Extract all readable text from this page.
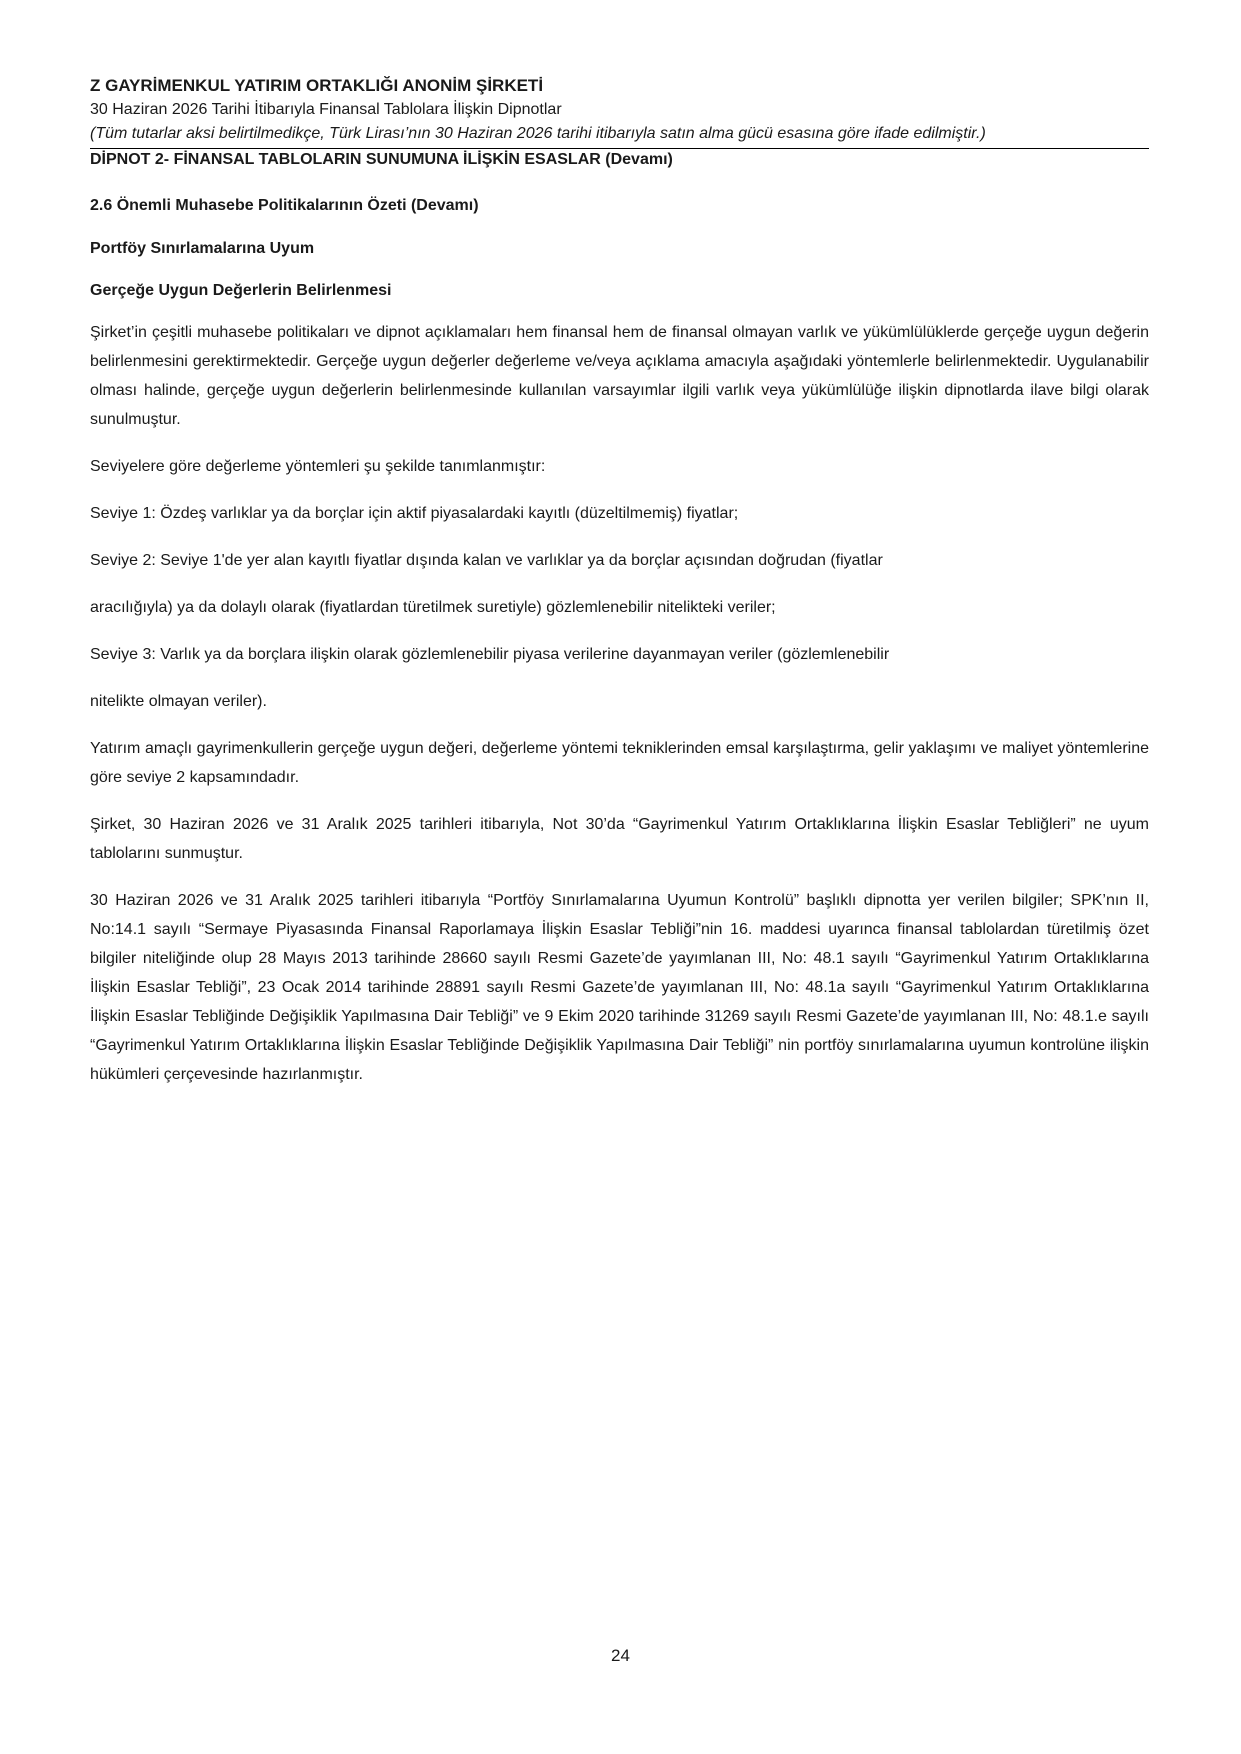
Z GAYRİMENKUL YATIRIM ORTAKLIĞI ANONİM ŞİRKETİ
30 Haziran 2026 Tarihi İtibarıyla Finansal Tablolara İlişkin Dipnotlar
(Tüm tutarlar aksi belirtilmedikçe, Türk Lirası’nın 30 Haziran 2026 tarihi itibarıyla satın alma gücü esasına göre ifade edilmiştir.)
DİPNOT 2- FİNANSAL TABLOLARIN SUNUMUNA İLİŞKİN ESASLAR (Devamı)
2.6 Önemli Muhasebe Politikalarının Özeti (Devamı)
Portföy Sınırlamalarına Uyum
Gerçeğe Uygun Değerlerin Belirlenmesi

Şirket’in çeşitli muhasebe politikaları ve dipnot açıklamaları hem finansal hem de finansal olmayan varlık ve yükümlülüklerde gerçeğe uygun değerin belirlenmesini gerektirmektedir. Gerçeğe uygun değerler değerleme ve/veya açıklama amacıyla aşağıdaki yöntemlerle belirlenmektedir. Uygulanabilir olması halinde, gerçeğe uygun değerlerin belirlenmesinde kullanılan varsayımlar ilgili varlık veya yükümlülüğe ilişkin dipnotlarda ilave bilgi olarak sunulmuştur.

Seviyelere göre değerleme yöntemleri şu şekilde tanımlanmıştır:

Seviye 1: Özdeş varlıklar ya da borçlar için aktif piyasalardaki kayıtlı (düzeltilmemiş) fiyatlar;

Seviye 2: Seviye 1'de yer alan kayıtlı fiyatlar dışında kalan ve varlıklar ya da borçlar açısından doğrudan (fiyatlar

aracılığıyla) ya da dolaylı olarak (fiyatlardan türetilmek suretiyle) gözlemlenebilir nitelikteki veriler;

Seviye 3: Varlık ya da borçlara ilişkin olarak gözlemlenebilir piyasa verilerine dayanmayan veriler (gözlemlenebilir

nitelikte olmayan veriler).

Yatırım amaçlı gayrimenkullerin gerçeğe uygun değeri, değerleme yöntemi tekniklerinden emsal karşılaştırma, gelir yaklaşımı ve maliyet yöntemlerine göre seviye 2 kapsamındadır.

Şirket, 30 Haziran 2026 ve 31 Aralık 2025 tarihleri itibarıyla, Not 30’da “Gayrimenkul Yatırım Ortaklıklarına İlişkin Esaslar Tebliğleri” ne uyum tablolarını sunmuştur.

30 Haziran 2026 ve 31 Aralık 2025 tarihleri itibarıyla “Portföy Sınırlamalarına Uyumun Kontrolü” başlıklı dipnotta yer verilen bilgiler; SPK’nın II, No:14.1 sayılı “Sermaye Piyasasında Finansal Raporlamaya İlişkin Esaslar Tebliği”nin 16. maddesi uyarınca finansal tablolardan türetilmiş özet bilgiler niteliğinde olup 28 Mayıs 2013 tarihinde 28660 sayılı Resmi Gazete’de yayımlanan III, No: 48.1 sayılı “Gayrimenkul Yatırım Ortaklıklarına İlişkin Esaslar Tebliği”, 23 Ocak 2014 tarihinde 28891 sayılı Resmi Gazete’de yayımlanan III, No: 48.1a sayılı “Gayrimenkul Yatırım Ortaklıklarına İlişkin Esaslar Tebliğinde Değişiklik Yapılmasına Dair Tebliği” ve 9 Ekim 2020 tarihinde 31269 sayılı Resmi Gazete’de yayımlanan III, No: 48.1.e sayılı “Gayrimenkul Yatırım Ortaklıklarına İlişkin Esaslar Tebliğinde Değişiklik Yapılmasına Dair Tebliği” nin portföy sınırlamalarına uyumun kontrolüne ilişkin hükümleri çerçevesinde hazırlanmıştır.

24
